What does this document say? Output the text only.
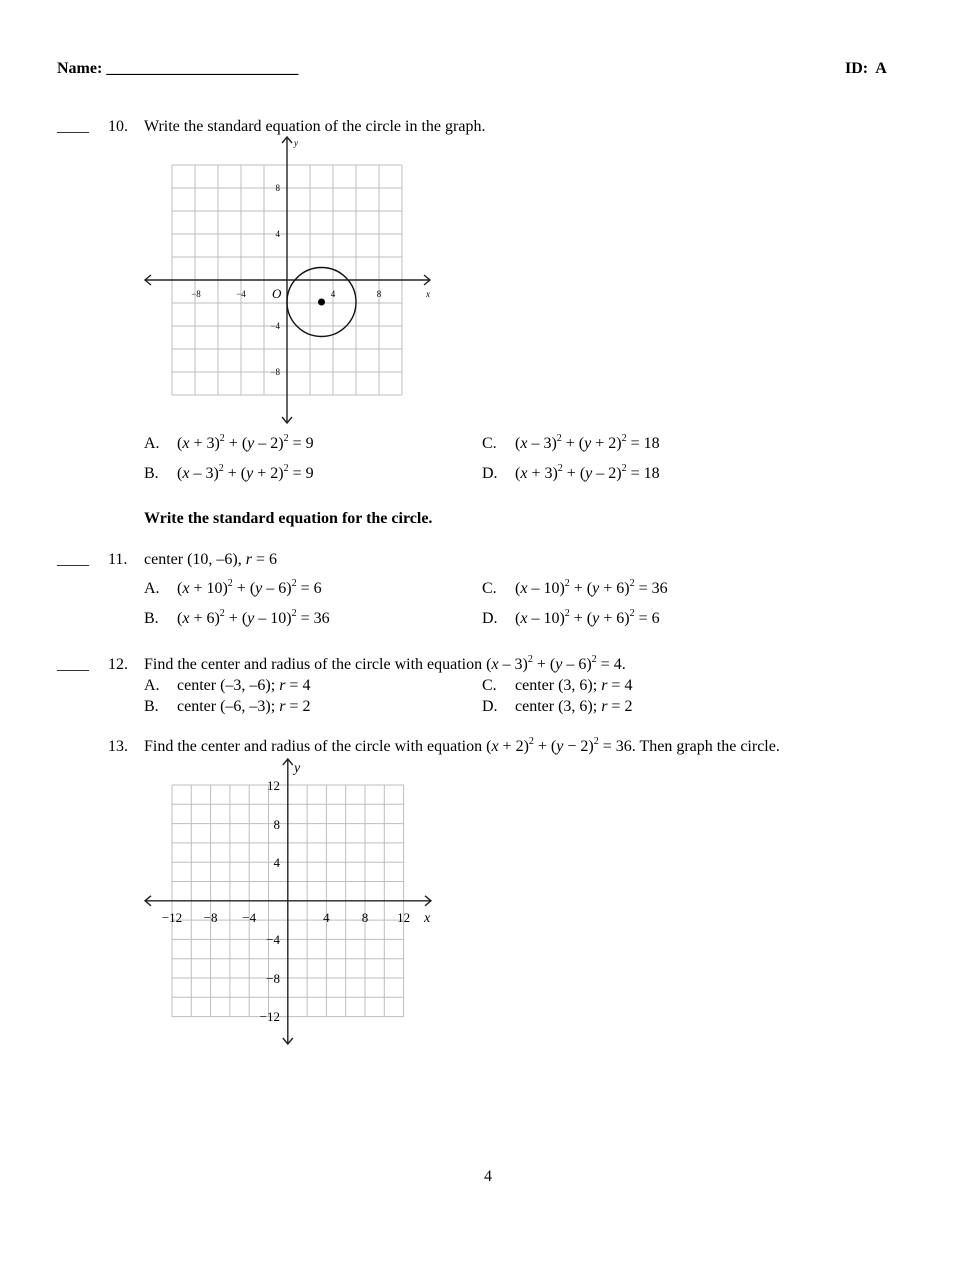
Name: ________________________	ID: A
____ 10. Write the standard equation of the circle in the graph.
y
x
O
−8	−4	4	8
8
4
−4
−8
A. $(x + 3)^2 + (y - 2)^2 = 9$
B. $(x - 3)^2 + (y + 2)^2 = 9$
C. $(x - 3)^2 + (y + 2)^2 = 18$
D. $(x + 3)^2 + (y - 2)^2 = 18$
Write the standard equation for the circle.
____ 11. center (10, –6), r = 6
A. $(x + 10)^2 + (y - 6)^2 = 6$
B. $(x + 6)^2 + (y - 10)^2 = 36$
C. $(x - 10)^2 + (y + 6)^2 = 36$
D. $(x - 10)^2 + (y + 6)^2 = 6$
____ 12. Find the center and radius of the circle with equation (x – 3)$^2$ + (y – 6)$^2$ = 4.
A. center (–3, –6); r = 4
B. center (–6, –3); r = 2
C. center (3, 6); r = 4
D. center (3, 6); r = 2
13. Find the center and radius of the circle with equation $(x + 2)^2 + (y - 2)^2 = 36$. Then graph the circle.
y
x
−12 −8 −4	4 8 12
12
8
4
−4
−8
−12
4
